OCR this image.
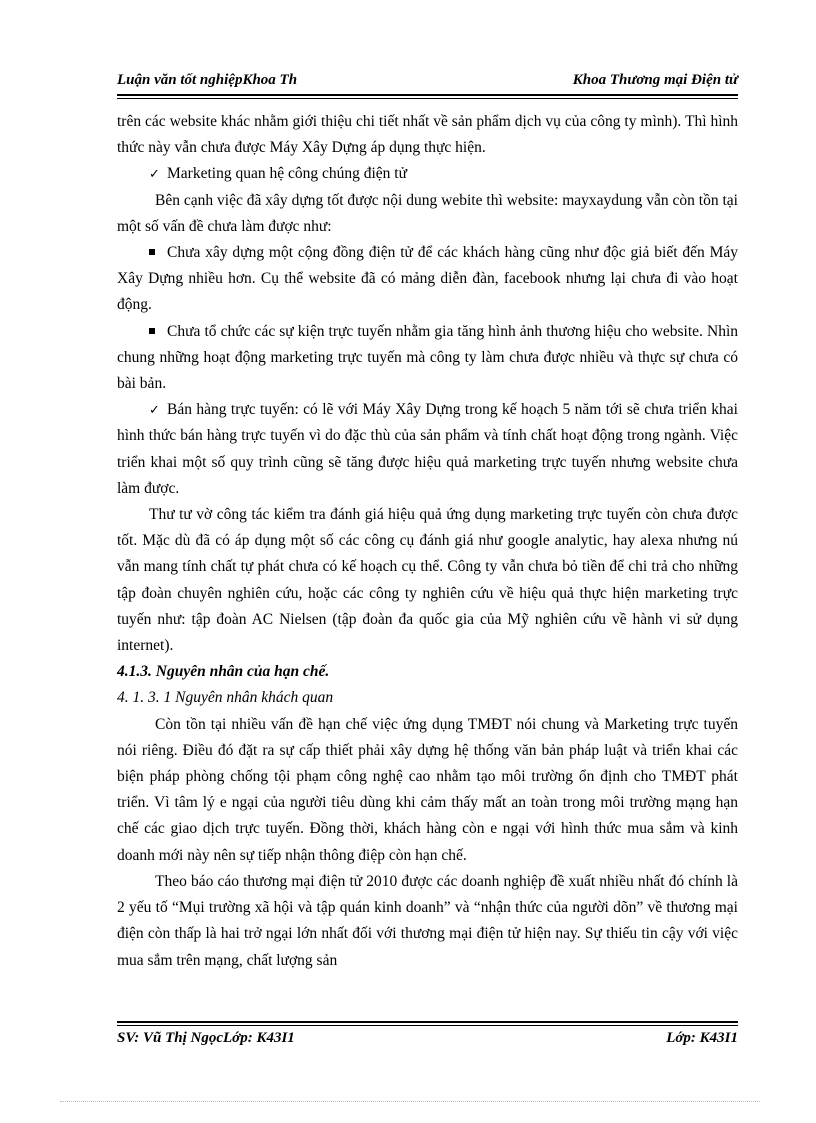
Luận văn tốt nghiệpKhoa Th	Khoa Thương mại Điện tử

trên các website khác nhằm giới thiệu chi tiết nhất về sản phẩm dịch vụ của công ty mình). Thì hình thức này vẫn chưa được Máy Xây Dựng áp dụng thực hiện.

✓ Marketing quan hệ công chúng điện tử

Bên cạnh việc đã xây dựng tốt được nội dung webite thì website: mayxaydung vẫn còn tồn tại một số vấn đề chưa làm được như:

Chưa xây dựng một cộng đồng điện tử để các khách hàng cũng như độc giả biết đến Máy Xây Dựng nhiều hơn. Cụ thể website đã có mảng diễn đàn, facebook nhưng lại chưa đi vào hoạt động.

Chưa tổ chức các sự kiện trực tuyến nhằm gia tăng hình ảnh thương hiệu cho website. Nhìn chung những hoạt động marketing trực tuyến mà công ty làm chưa được nhiều và thực sự chưa có bài bản.

✓ Bán hàng trực tuyến: có lẽ với Máy Xây Dựng trong kế hoạch 5 năm tới sẽ chưa triển khai hình thức bán hàng trực tuyến vì do đặc thù của sản phẩm và tính chất hoạt động trong ngành. Việc triển khai một số quy trình cũng sẽ tăng được hiệu quả marketing trực tuyến nhưng website chưa làm được.

Thư tư vờ công tác kiểm tra đánh giá hiệu quả ứng dụng marketing trực tuyến còn chưa được tốt. Mặc dù đã có áp dụng một số các công cụ đánh giá như google analytic, hay alexa nhưng nú vẫn mang tính chất tự phát chưa có kế hoạch cụ thể. Công ty vẫn chưa bỏ tiền để chi trả cho những tập đoàn chuyên nghiên cứu, hoặc các công ty nghiên cứu về hiệu quả thực hiện marketing trực tuyến như: tập đoàn AC Nielsen (tập đoàn đa quốc gia của Mỹ nghiên cứu về hành vi sử dụng internet).

4.1.3. Nguyên nhân của hạn chế.

4. 1. 3. 1 Nguyên nhân khách quan

Còn tồn tại nhiều vấn đề hạn chế việc ứng dụng TMĐT nói chung và Marketing trực tuyến nói riêng. Điều đó đặt ra sự cấp thiết phải xây dựng hệ thống văn bản pháp luật và triển khai các biện pháp phòng chống tội phạm công nghệ cao nhằm tạo môi trường ổn định cho TMĐT phát triển. Vì tâm lý e ngại của người tiêu dùng khi cảm thấy mất an toàn trong môi trường mạng hạn chế các giao dịch trực tuyến. Đồng thời, khách hàng còn e ngại với hình thức mua sắm và kinh doanh mới này nên sự tiếp nhận thông điệp còn hạn chế.

Theo báo cáo thương mại điện tử 2010 được các doanh nghiệp đề xuất nhiều nhất đó chính là 2 yếu tố “Mụi trường xã hội và tập quán kinh doanh” và “nhận thức của người dõn” về thương mại điện còn thấp là hai trở ngại lớn nhất đối với thương mại điện tử hiện nay. Sự thiếu tin cậy với việc mua sắm trên mạng, chất lượng sản

SV: Vũ Thị NgọcLớp: K43I1	Lớp: K43I1
